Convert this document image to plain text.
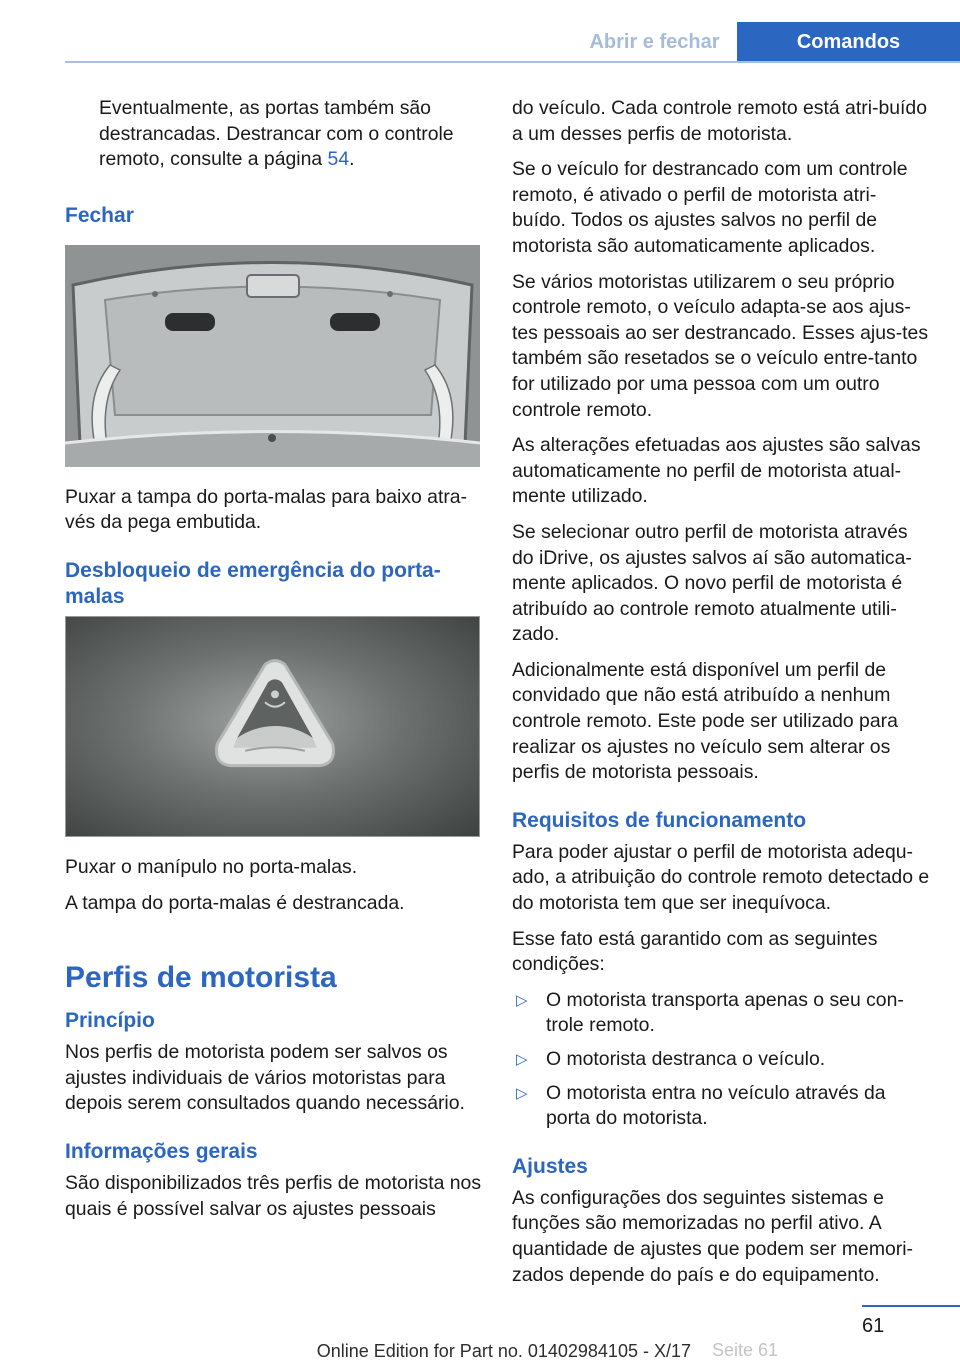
Abrir e fechar	Comandos

Eventualmente, as portas também são destrancadas. Destrancar com o controle remoto, consulte a página 54.

Fechar

Puxar a tampa do porta-malas para baixo atra‐vés da pega embutida.

Desbloqueio de emergência do porta‐malas

Puxar o manípulo no porta-malas.

A tampa do porta-malas é destrancada.

Perfis de motorista
Princípio

Nos perfis de motorista podem ser salvos os ajustes individuais de vários motoristas para depois serem consultados quando necessário.

Informações gerais

São disponibilizados três perfis de motorista nos quais é possível salvar os ajustes pessoais

do veículo. Cada controle remoto está atri‐buído a um desses perfis de motorista.

Se o veículo for destrancado com um controle remoto, é ativado o perfil de motorista atri‐buído. Todos os ajustes salvos no perfil de motorista são automaticamente aplicados.

Se vários motoristas utilizarem o seu próprio controle remoto, o veículo adapta-se aos ajus‐tes pessoais ao ser destrancado. Esses ajus‐tes também são resetados se o veículo entre‐tanto for utilizado por uma pessoa com um outro controle remoto.

As alterações efetuadas aos ajustes são salvas automaticamente no perfil de motorista atual‐mente utilizado.

Se selecionar outro perfil de motorista através do iDrive, os ajustes salvos aí são automatica‐mente aplicados. O novo perfil de motorista é atribuído ao controle remoto atualmente utili‐zado.

Adicionalmente está disponível um perfil de convidado que não está atribuído a nenhum controle remoto. Este pode ser utilizado para realizar os ajustes no veículo sem alterar os perfis de motorista pessoais.

Requisitos de funcionamento

Para poder ajustar o perfil de motorista adequ‐ado, a atribuição do controle remoto detectado e do motorista tem que ser inequívoca.

Esse fato está garantido com as seguintes condições:

▷ O motorista transporta apenas o seu con‐trole remoto.
▷ O motorista destranca o veículo.
▷ O motorista entra no veículo através da porta do motorista.
Ajustes

As configurações dos seguintes sistemas e funções são memorizadas no perfil ativo. A quantidade de ajustes que podem ser memori‐zados depende do país e do equipamento.

61
Online Edition for Part no. 01402984105 - X/17 Seite 61
